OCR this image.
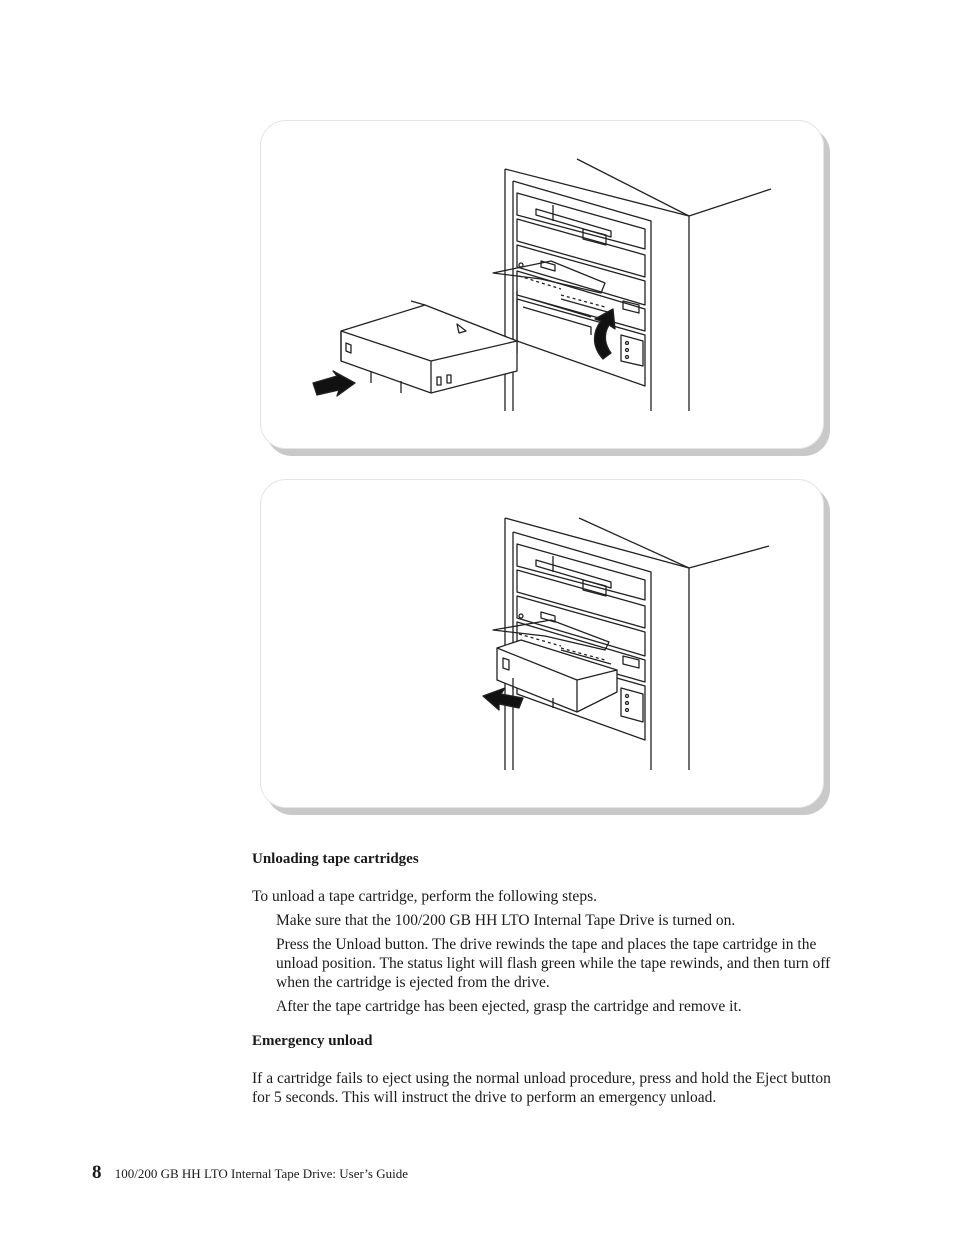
Unloading tape cartridges

To unload a tape cartridge, perform the following steps.

Make sure that the 100/200 GB HH LTO Internal Tape Drive is turned on.
Press the Unload button. The drive rewinds the tape and places the tape cartridge in the unload position. The status light will flash green while the tape rewinds, and then turn off when the cartridge is ejected from the drive.
After the tape cartridge has been ejected, grasp the cartridge and remove it.
Emergency unload

If a cartridge fails to eject using the normal unload procedure, press and hold the Eject button for 5 seconds. This will instruct the drive to perform an emergency unload.

8 100/200 GB HH LTO Internal Tape Drive: User’s Guide
